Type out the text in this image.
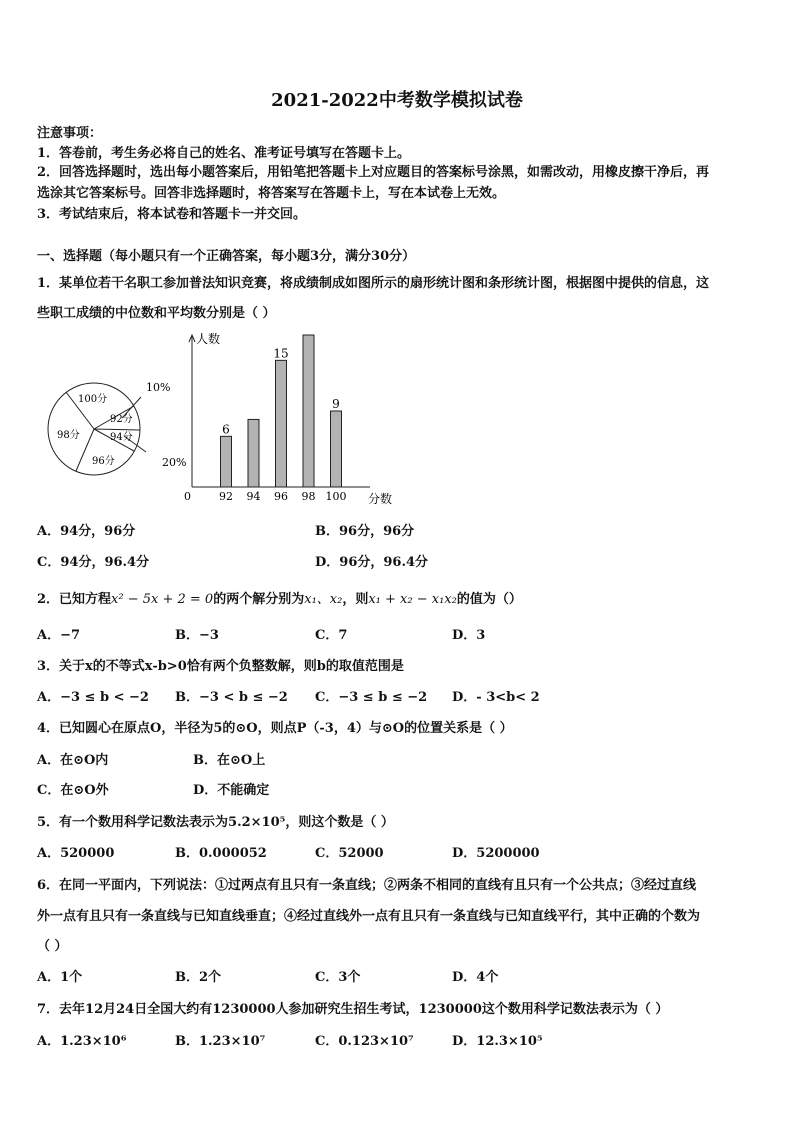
2021-2022中考数学模拟试卷
注意事项：
1．答卷前，考生务必将自己的姓名、准考证号填写在答题卡上。
2．回答选择题时，选出每小题答案后，用铅笔把答题卡上对应题目的答案标号涂黑，如需改动，用橡皮擦干净后，再
选涂其它答案标号。回答非选择题时，将答案写在答题卡上，写在本试卷上无效。
3．考试结束后，将本试卷和答题卡一并交回。
一、选择题（每小题只有一个正确答案，每小题3分，满分30分）
1．某单位若干名职工参加普法知识竞赛，将成绩制成如图所示的扇形统计图和条形统计图，根据图中提供的信息，这
些职工成绩的中位数和平均数分别是（ ）
100分
92分
94分
96分
98分
10%
20%
人数
分数
0	92
6
94 96
15
98 100
9
A．94分，96分	B．96分，96分
C．94分，96.4分	D．96分，96.4分
2．已知方程x² − 5x + 2 = 0的两个解分别为x₁、x₂，则x₁ + x₂ − x₁x₂的值为（）
A．−7	B．−3	C．7	D．3
3．关于x的不等式x-b>0恰有两个负整数解，则b的取值范围是
A．−3 ≤ b < −2 B．−3 < b ≤ −2 C．−3 ≤ b ≤ −2 D．- 3<b< 2
4．已知圆心在原点O，半径为5的⊙O，则点P（-3，4）与⊙O的位置关系是（ ）
A．在⊙O内	B．在⊙O上
C．在⊙O外	D．不能确定
5．有一个数用科学记数法表示为5.2×10⁵，则这个数是（ ）
A．520000	B．0.000052	C．52000	D．5200000
6．在同一平面内，下列说法：①过两点有且只有一条直线；②两条不相同的直线有且只有一个公共点；③经过直线
外一点有且只有一条直线与已知直线垂直；④经过直线外一点有且只有一条直线与已知直线平行，其中正确的个数为
（ ）
A．1个	B．2个	C．3个	D．4个
7．去年12月24日全国大约有1230000人参加研究生招生考试，1230000这个数用科学记数法表示为（ ）
A．1.23×10⁶	B．1.23×10⁷	C．0.123×10⁷	D．12.3×10⁵
